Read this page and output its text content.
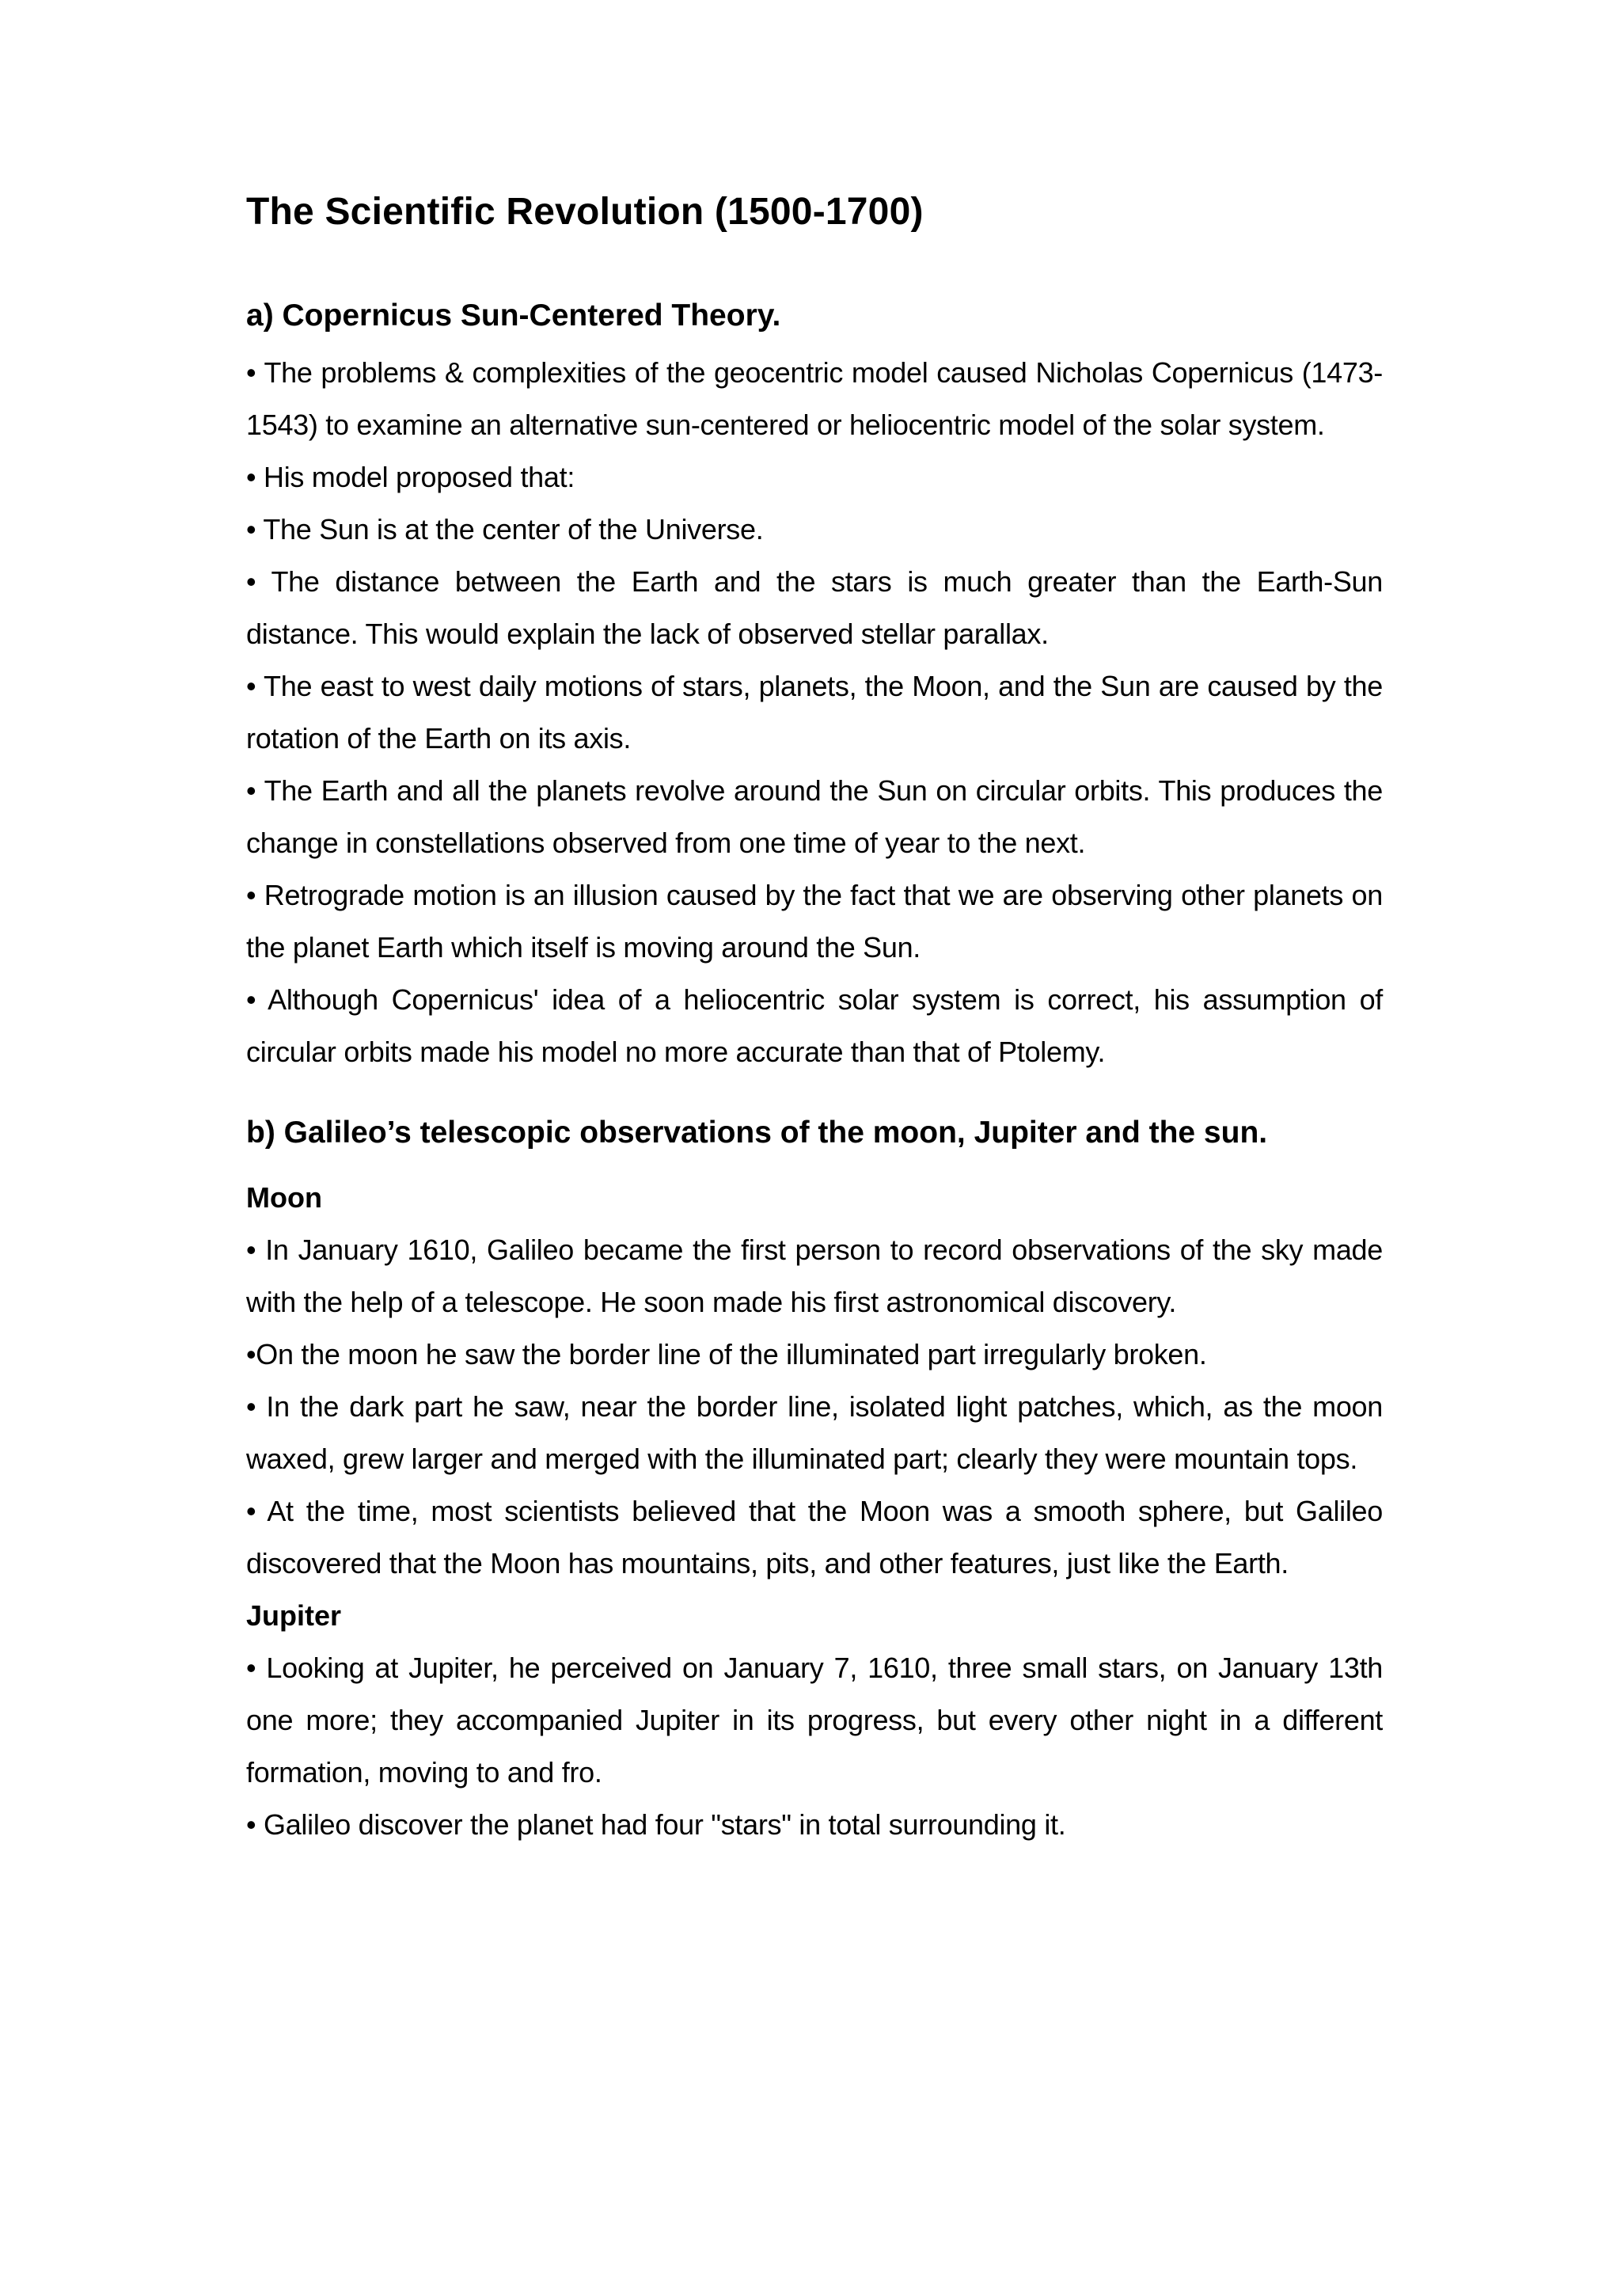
The Scientific Revolution (1500-1700)
a) Copernicus Sun-Centered Theory.

• The problems & complexities of the geocentric model caused Nicholas Copernicus (1473-1543) to examine an alternative sun-centered or heliocentric model of the solar system.

• His model proposed that:

• The Sun is at the center of the Universe.

• The distance between the Earth and the stars is much greater than the Earth-Sun distance. This would explain the lack of observed stellar parallax.

• The east to west daily motions of stars, planets, the Moon, and the Sun are caused by the rotation of the Earth on its axis.

• The Earth and all the planets revolve around the Sun on circular orbits. This produces the change in constellations observed from one time of year to the next.

• Retrograde motion is an illusion caused by the fact that we are observing other planets on the planet Earth which itself is moving around the Sun.

• Although Copernicus' idea of a heliocentric solar system is correct, his assumption of circular orbits made his model no more accurate than that of Ptolemy.

b) Galileo’s telescopic observations of the moon, Jupiter and the sun.
Moon

• In January 1610, Galileo became the first person to record observations of the sky made with the help of a telescope. He soon made his first astronomical discovery.

•On the moon he saw the border line of the illuminated part irregularly broken.

• In the dark part he saw, near the border line, isolated light patches, which, as the moon waxed, grew larger and merged with the illuminated part; clearly they were mountain tops.

• At the time, most scientists believed that the Moon was a smooth sphere, but Galileo discovered that the Moon has mountains, pits, and other features, just like the Earth.

Jupiter

• Looking at Jupiter, he perceived on January 7, 1610, three small stars, on January 13th one more; they accompanied Jupiter in its progress, but every other night in a different formation, moving to and fro.

• Galileo discover the planet had four "stars" in total surrounding it.
